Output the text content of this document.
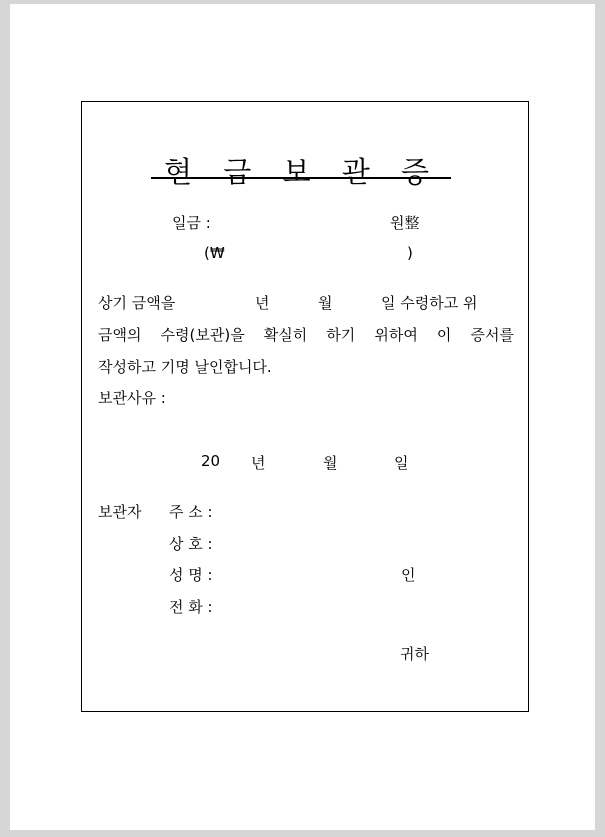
현 금 보 관 증
일금 :	원整
(₩	)
상기 금액을	년	월	일 수령하고 위
금액의 수령(보관)을 확실히 하기 위하여 이 증서를
작성하고 기명 날인합니다.
보관사유 :
20 년	월	일
보관자 주 소 :
상 호 :
성 명 :	인
전 화 :
귀하
